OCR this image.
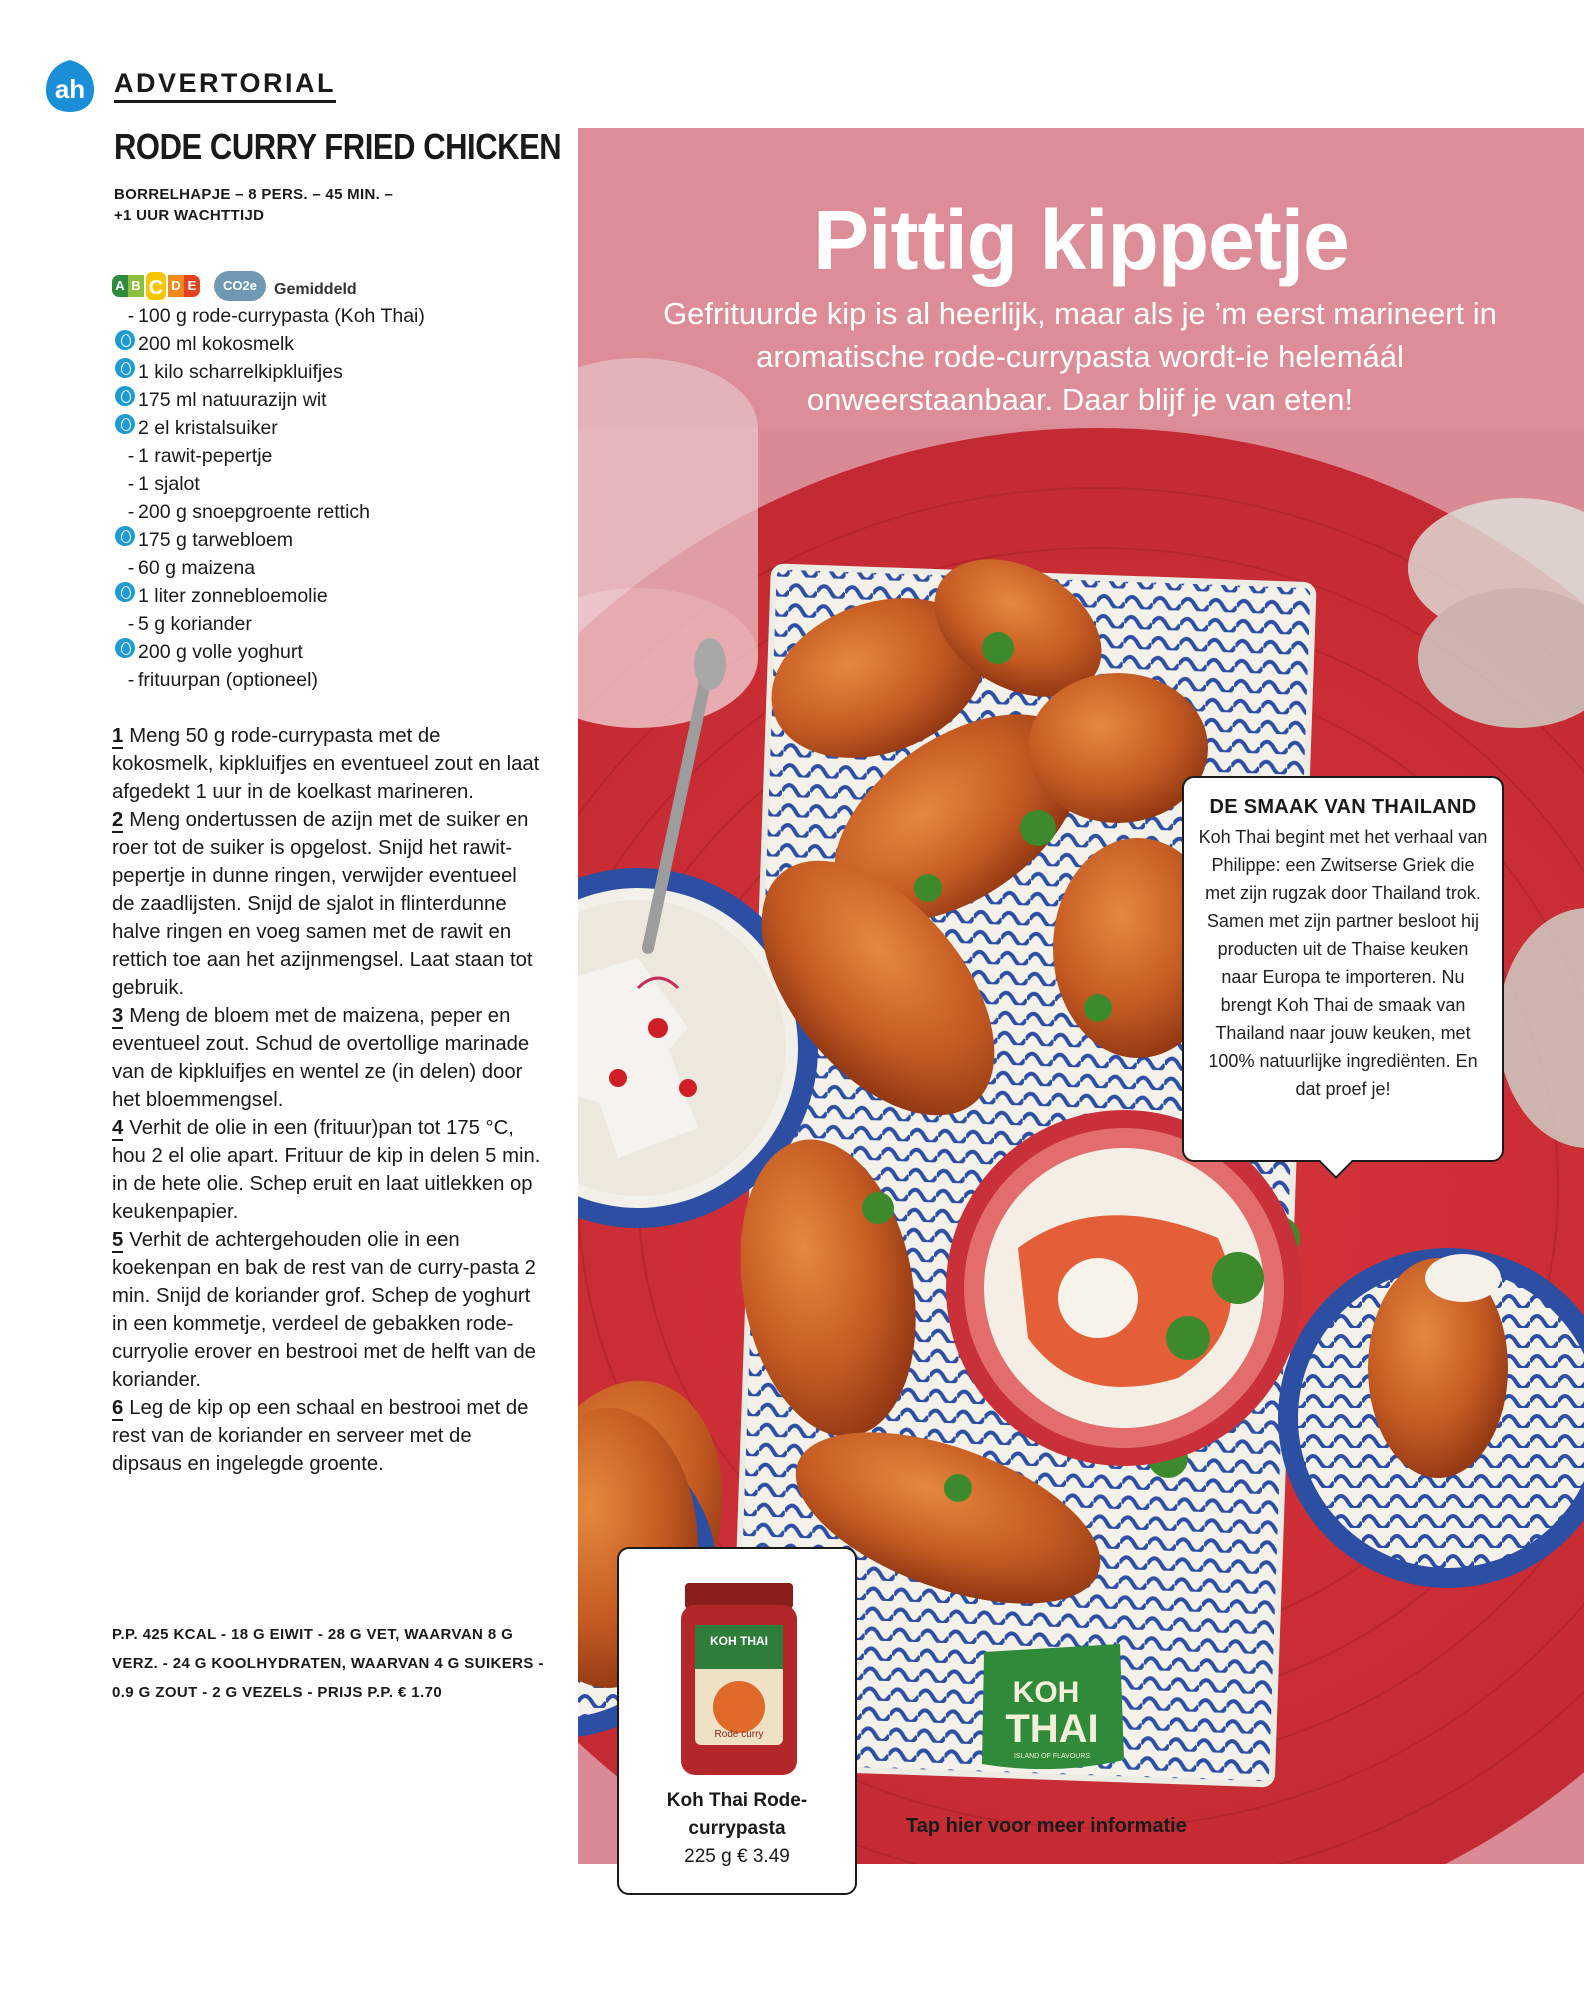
ah ADVERTORIAL
RODE CURRY FRIED CHICKEN
BORRELHAPJE – 8 PERS. – 45 MIN. –
+1 UUR WACHTTIJD
A B C D E	CO2e	Gemiddeld
- 100 g rode-currypasta (Koh Thai)
200 ml kokosmelk
1 kilo scharrelkipkluifjes
175 ml natuurazijn wit
2 el kristalsuiker
- 1 rawit-pepertje
- 1 sjalot
- 200 g snoepgroente rettich
175 g tarwebloem
- 60 g maizena
1 liter zonnebloemolie
- 5 g koriander
200 g volle yoghurt
- frituurpan (optioneel)

1 Meng 50 g rode-currypasta met de kokosmelk, kipkluifjes en eventueel zout en laat afgedekt 1 uur in de koelkast marineren.

2 Meng ondertussen de azijn met de suiker en roer tot de suiker is opgelost. Snijd het rawit-pepertje in dunne ringen, verwijder eventueel de zaadlijsten. Snijd de sjalot in flinterdunne halve ringen en voeg samen met de rawit en rettich toe aan het azijnmengsel. Laat staan tot gebruik.

3 Meng de bloem met de maizena, peper en eventueel zout. Schud de overtollige marinade van de kipkluifjes en wentel ze (in delen) door het bloemmengsel.

4 Verhit de olie in een (frituur)pan tot 175 °C, hou 2 el olie apart. Frituur de kip in delen 5 min. in de hete olie. Schep eruit en laat uitlekken op keukenpapier.

5 Verhit de achtergehouden olie in een koekenpan en bak de rest van de curry-pasta 2 min. Snijd de koriander grof. Schep de yoghurt in een kommetje, verdeel de gebakken rode-curryolie erover en bestrooi met de helft van de koriander.

6 Leg de kip op een schaal en bestrooi met de rest van de koriander en serveer met de dipsaus en ingelegde groente.

P.P. 425 KCAL - 18 G EIWIT - 28 G VET, WAARVAN 8 G VERZ. - 24 G KOOLHYDRATEN, WAARVAN 4 G SUIKERS - 0.9 G ZOUT - 2 G VEZELS - PRIJS P.P. € 1.70
Pittig kippetje
Gefrituurde kip is al heerlijk, maar als je ’m eerst marineert in aromatische rode-currypasta wordt-ie helemáál onweerstaanbaar. Daar blijf je van eten!
DE SMAAK VAN THAILAND
Koh Thai begint met het verhaal van Philippe: een Zwitserse Griek die met zijn rugzak door Thailand trok. Samen met zijn partner besloot hij producten uit de Thaise keuken naar Europa te importeren. Nu brengt Koh Thai de smaak van Thailand naar jouw keuken, met 100% natuurlijke ingrediënten. En dat proef je!
KOH THAI
Rode curry
Koh Thai Rode-currypasta
225 g € 3.49
KOH
THAI
ISLAND OF FLAVOURS
Tap hier voor meer informatie
